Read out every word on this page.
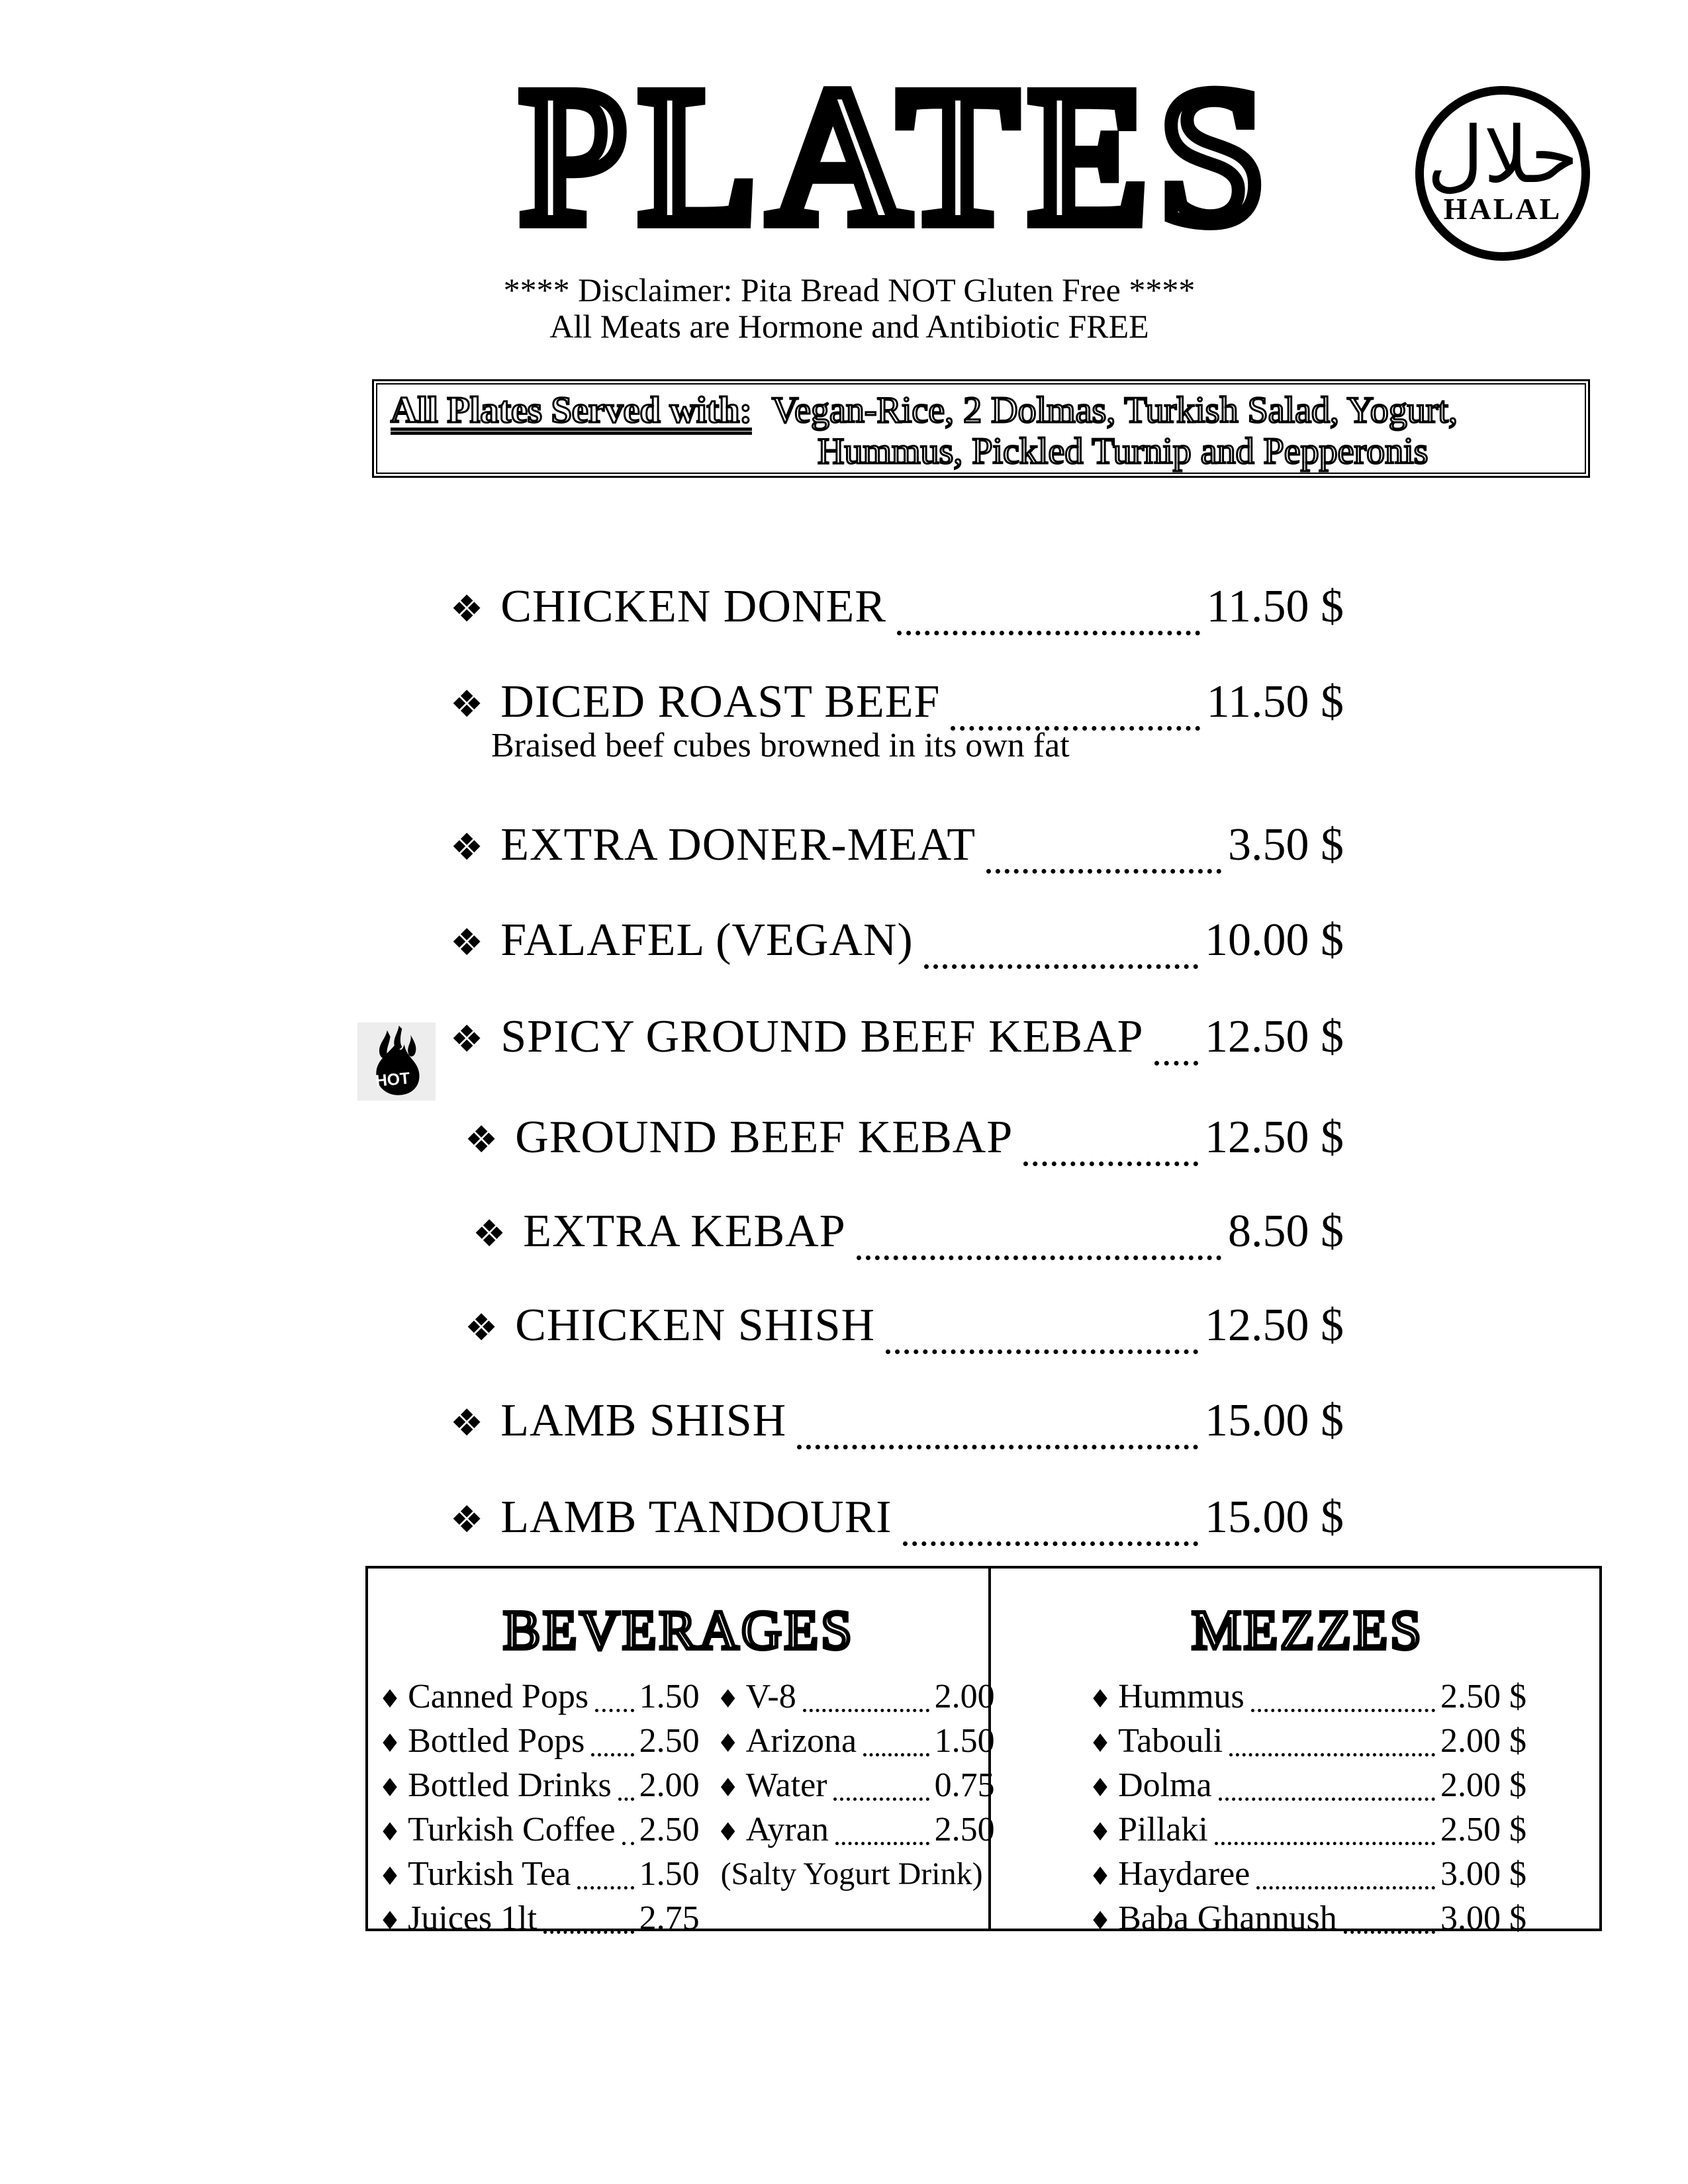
PLATES حلال
HALAL
**** Disclaimer: Pita Bread NOT Gluten Free ****
All Meats are Hormone and Antibiotic FREE
All Plates Served with: Vegan-Rice, 2 Dolmas, Turkish Salad, Yogurt,
Hummus, Pickled Turnip and Pepperonis
❖ CHICKEN DONER	11.50 $
❖ DICED ROAST BEEF	11.50 $
Braised beef cubes browned in its own fat
❖ EXTRA DONER-MEAT	3.50 $
❖ FALAFEL (VEGAN)	10.00 $
HOT
❖ SPICY GROUND BEEF KEBAP 12.50 $
❖ GROUND BEEF KEBAP	12.50 $
❖ EXTRA KEBAP	8.50 $
❖ CHICKEN SHISH	12.50 $
❖ LAMB SHISH	15.00 $
❖ LAMB TANDOURI	15.00 $
BEVERAGES
♦ Canned Pops 1.50
♦ Bottled Pops 2.50
♦ Bottled Drinks 2.00
♦ Turkish Coffee 2.50
♦ Turkish Tea 1.50
♦ Juices 1lt	2.75
♦ V-8	2.00
♦ Arizona 1.50
♦ Water	0.75
♦ Ayran	2.50
(Salty Yogurt Drink)
MEZZES
♦ Hummus	2.50 $
♦ Tabouli	2.00 $
♦ Dolma	2.00 $
♦ Pillaki	2.50 $
♦ Haydaree	3.00 $
♦ Baba Ghannush	3.00 $
